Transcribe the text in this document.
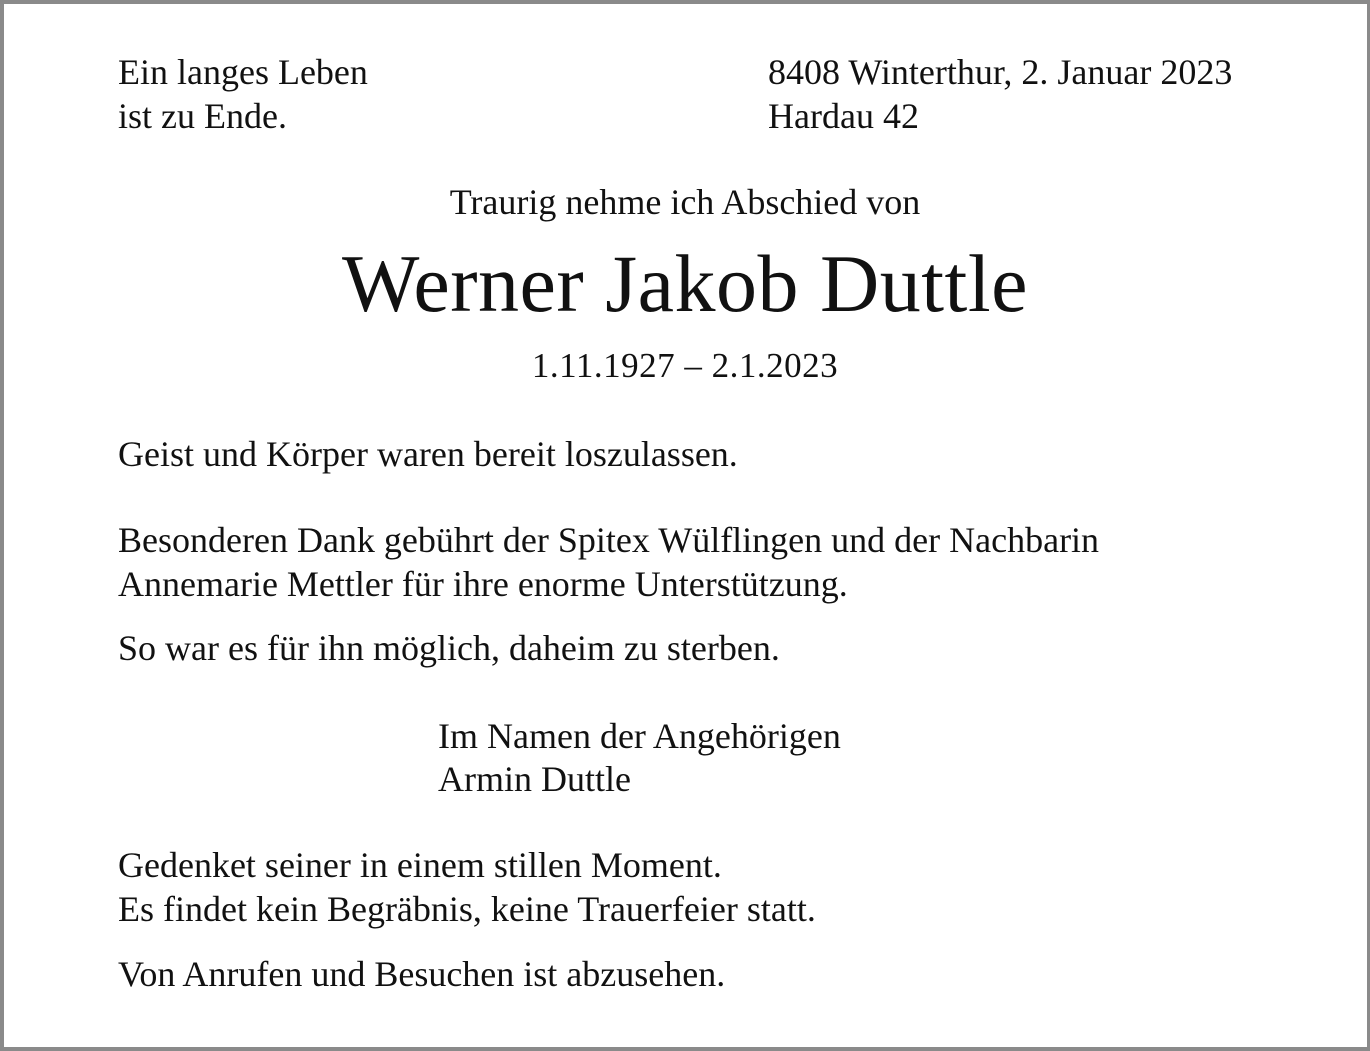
Ein langes Leben
ist zu Ende.
8408 Winterthur, 2. Januar 2023
Hardau 42
Traurig nehme ich Abschied von
Werner Jakob Duttle
1.11.1927 – 2.1.2023
Geist und Körper waren bereit loszulassen.
Besonderen Dank gebührt der Spitex Wülflingen und der Nachbarin
Annemarie Mettler für ihre enorme Unterstützung.
So war es für ihn möglich, daheim zu sterben.
Im Namen der Angehörigen
Armin Duttle
Gedenket seiner in einem stillen Moment.
Es findet kein Begräbnis, keine Trauerfeier statt.
Von Anrufen und Besuchen ist abzusehen.
